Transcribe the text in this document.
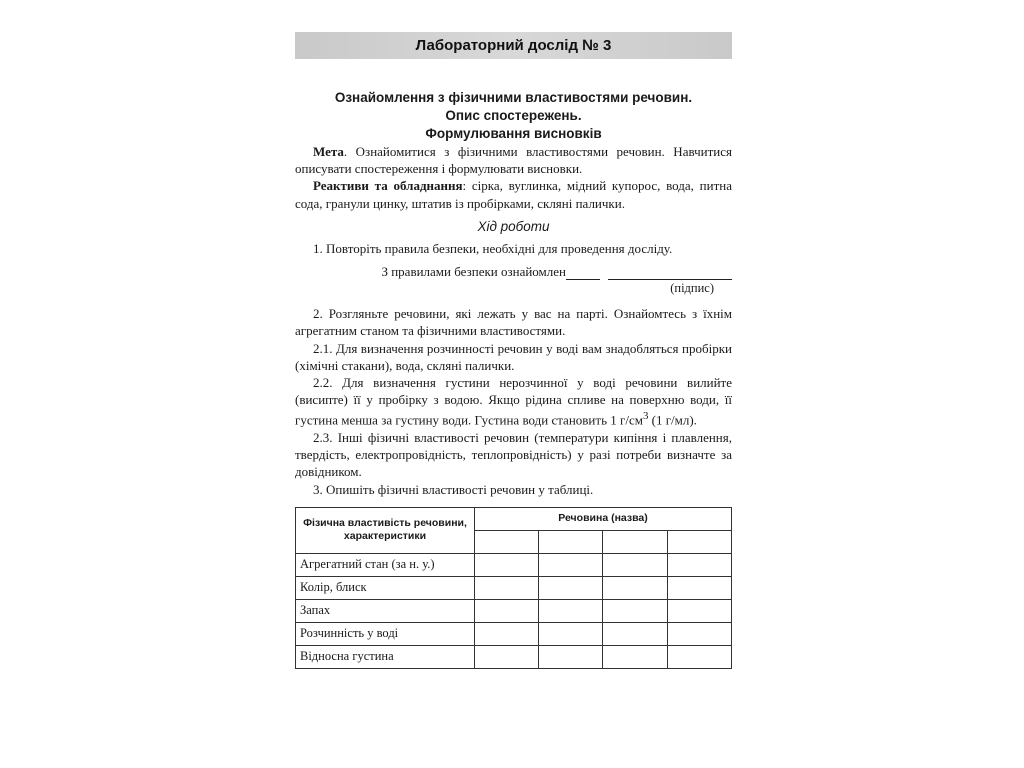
Лабораторний дослід № 3
Ознайомлення з фізичними властивостями речовин.
Опис спостережень.
Формулювання висновків

Мета. Ознайомитися з фізичними властивостями речовин. Навчитися описувати спостереження і формулювати висновки.

Реактиви та обладнання: сірка, вуглинка, мідний купорос, вода, питна сода, гранули цинку, штатив із пробірками, скляні палички.

Хід роботи

1. Повторіть правила безпеки, необхідні для проведення досліду.

З правилами безпеки ознайомлен
(підпис)

2. Розгляньте речовини, які лежать у вас на парті. Ознайомтесь з їхнім агрегатним станом та фізичними властивостями.

2.1. Для визначення розчинності речовин у воді вам знадобляться пробірки (хімічні стакани), вода, скляні палички.

2.2. Для визначення густини нерозчинної у воді речовини вилийте (висипте) її у пробірку з водою. Якщо рідина спливе на поверхню води, її густина менша за густину води. Густина води становить 1 $г/см^3$ (1 г/мл).

2.3. Інші фізичні властивості речовин (температури кипіння і плавлення, твердість, електропровідність, теплопровідність) у разі потреби визначте за довідником.

3. Опишіть фізичні властивості речовин у таблиці.

Фізична властивість речовини, характеристики	Речовина (назва)			

Агрегатний стан (за н. у.)				
Колір, блиск				
Запах				
Розчинність у воді				
Відносна густина				
